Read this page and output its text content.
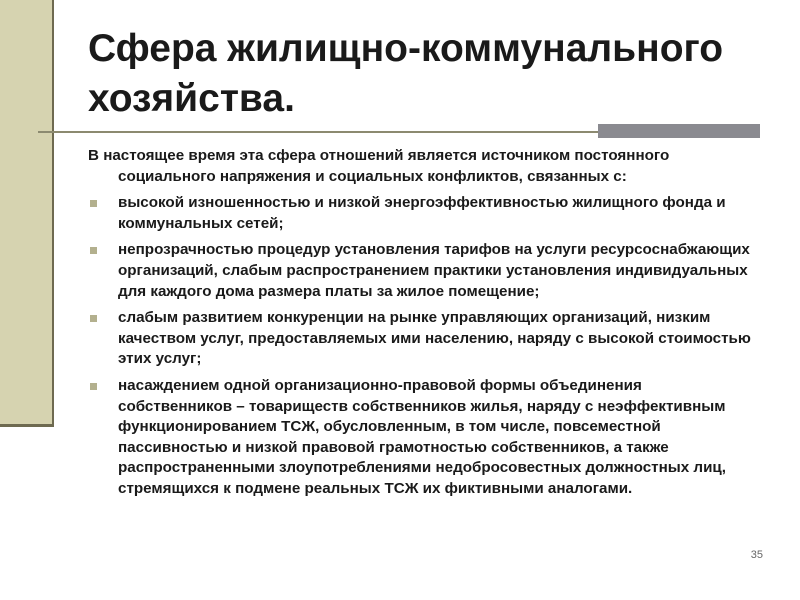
Сфера жилищно-коммунального хозяйства.

В настоящее время эта сфера отношений является источником постоянного социального напряжения и социальных конфликтов, связанных с:

высокой изношенностью и низкой энергоэффективностью жилищного фонда и коммунальных сетей;
непрозрачностью процедур установления тарифов на услуги ресурсоснабжающих организаций, слабым распространением практики установления индивидуальных для каждого дома размера платы за жилое помещение;
слабым развитием конкуренции на рынке управляющих организаций, низким качеством услуг, предоставляемых ими населению, наряду с высокой стоимостью этих услуг;
насаждением одной организационно-правовой формы объединения собственников – товариществ собственников жилья, наряду с неэффективным функционированием ТСЖ, обусловленным, в том числе, повсеместной пассивностью и низкой правовой грамотностью собственников, а также распространенными злоупотреблениями недобросовестных должностных лиц, стремящихся к подмене реальных ТСЖ их фиктивными аналогами.
35
